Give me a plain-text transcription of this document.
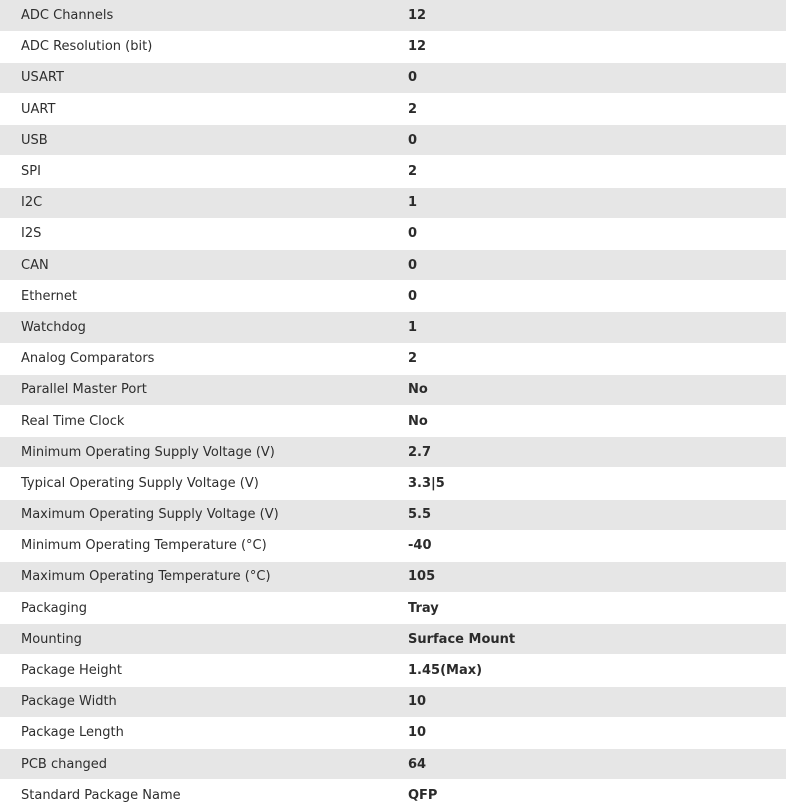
ADC Channels	12
ADC Resolution (bit)	12
USART	0
UART	2
USB	0
SPI	2
I2C	1
I2S	0
CAN	0
Ethernet	0
Watchdog	1
Analog Comparators	2
Parallel Master Port	No
Real Time Clock	No
Minimum Operating Supply Voltage (V)	2.7
Typical Operating Supply Voltage (V)	3.3|5
Maximum Operating Supply Voltage (V)	5.5
Minimum Operating Temperature (°C)	-40
Maximum Operating Temperature (°C)	105
Packaging	Tray
Mounting	Surface Mount
Package Height	1.45(Max)
Package Width	10
Package Length	10
PCB changed	64
Standard Package Name	QFP
